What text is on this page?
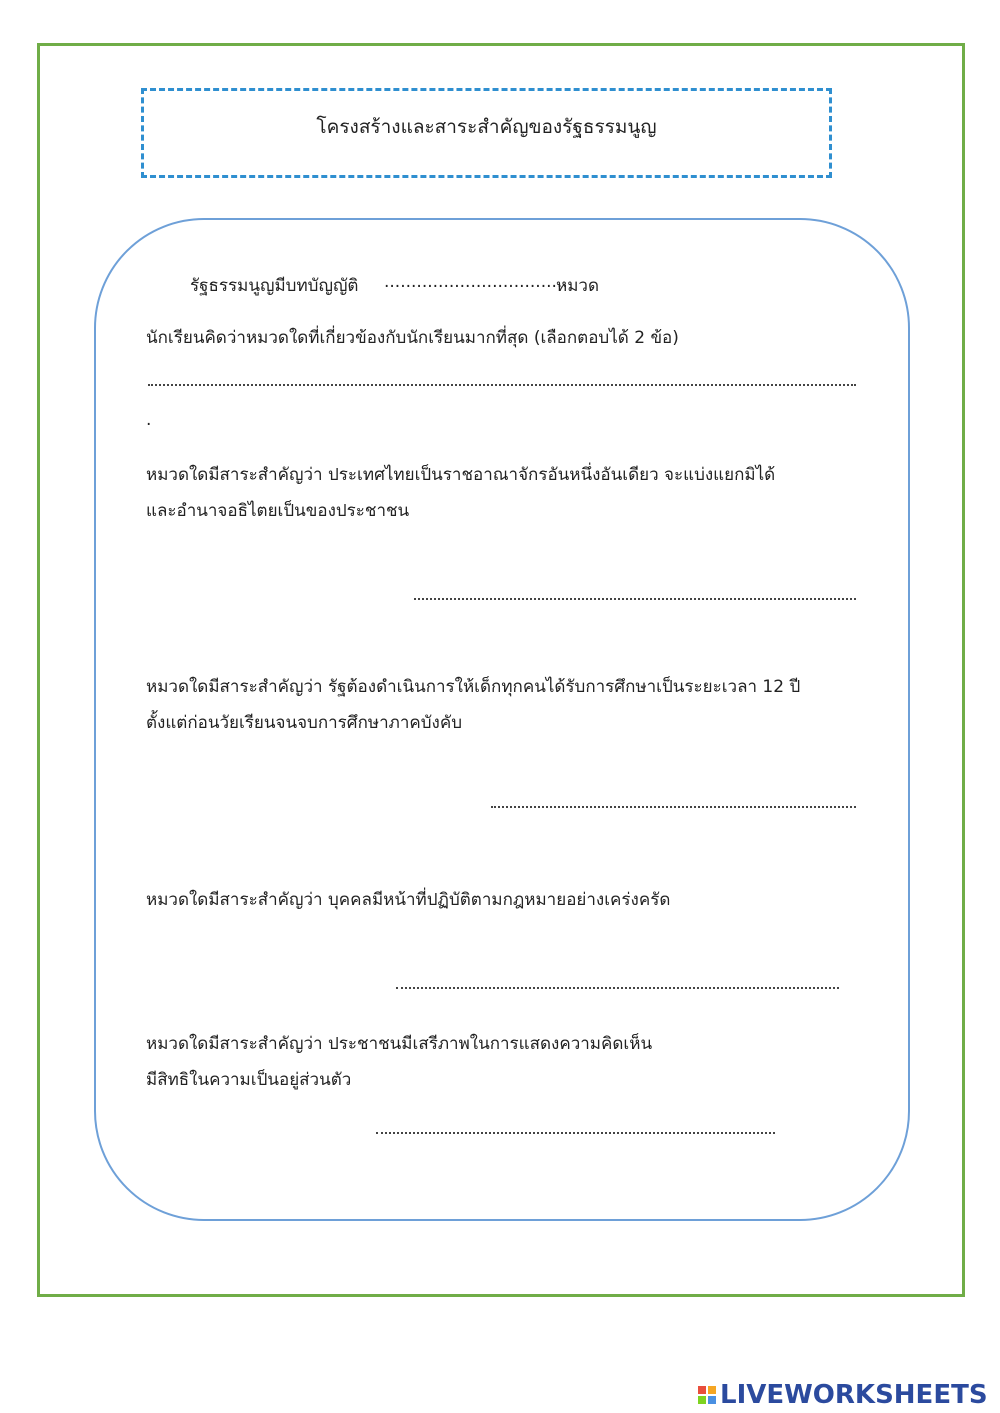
โครงสร้างและสาระสำคัญของรัฐธรรมนูญ
รัฐธรรมนูญมีบทบัญญัติ ..................................
หมวด
นักเรียนคิดว่าหมวดใดที่เกี่ยวข้องกับนักเรียนมากที่สุด (เลือกตอบได้ 2 ข้อ)
.
หมวดใดมีสาระสำคัญว่า ประเทศไทยเป็นราชอาณาจักรอันหนึ่งอันเดียว จะแบ่งแยกมิได้
และอำนาจอธิไตยเป็นของประชาชน
หมวดใดมีสาระสำคัญว่า รัฐต้องดำเนินการให้เด็กทุกคนได้รับการศึกษาเป็นระยะเวลา 12 ปี
ตั้งแต่ก่อนวัยเรียนจนจบการศึกษาภาคบังคับ
หมวดใดมีสาระสำคัญว่า บุคคลมีหน้าที่ปฏิบัติตามกฎหมายอย่างเคร่งครัด
หมวดใดมีสาระสำคัญว่า ประชาชนมีเสรีภาพในการแสดงความคิดเห็น
มีสิทธิในความเป็นอยู่ส่วนตัว
LIVEWORKSHEETS
